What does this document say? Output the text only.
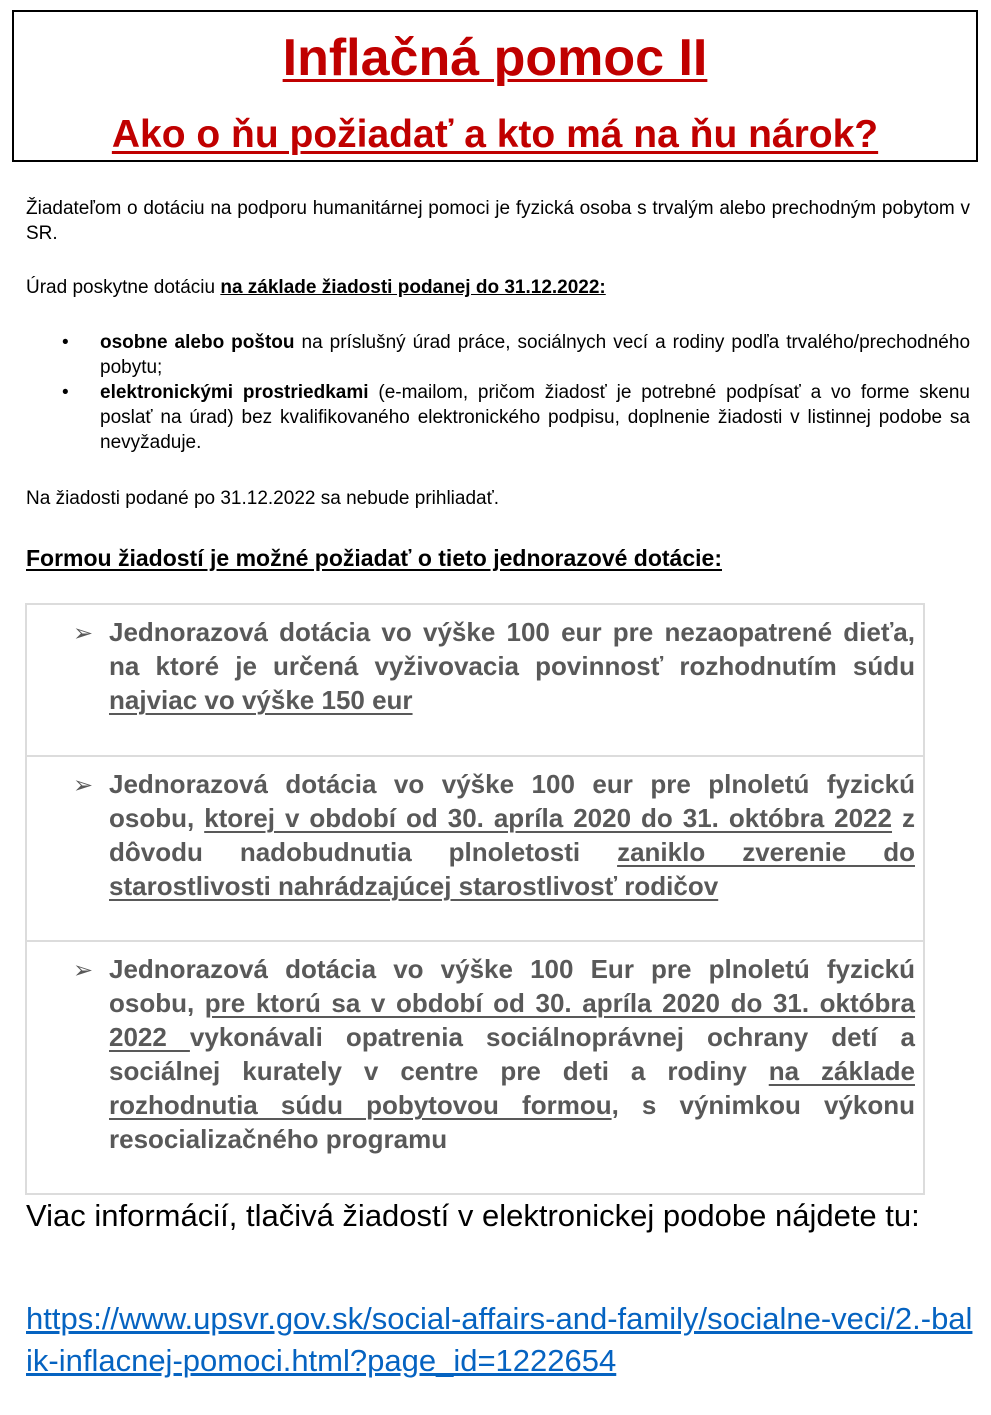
Inflačná pomoc II
Ako o ňu požiadať a kto má na ňu nárok?

Žiadateľom o dotáciu na podporu humanitárnej pomoci je fyzická osoba s trvalým alebo prechodným pobytom v SR.

Úrad poskytne dotáciu na základe žiadosti podanej do 31.12.2022:

• osobne alebo poštou na príslušný úrad práce, sociálnych vecí a rodiny podľa trvalého/prechodného pobytu;
• elektronickými prostriedkami (e-mailom, pričom žiadosť je potrebné podpísať a vo forme skenu poslať na úrad) bez kvalifikovaného elektronického podpisu, doplnenie žiadosti v listinnej podobe sa nevyžaduje.

Na žiadosti podané po 31.12.2022 sa nebude prihliadať.

Formou žiadostí je možné požiadať o tieto jednorazové dotácie:

➢ Jednorazová dotácia vo výške 100 eur pre nezaopatrené dieťa, na ktoré je určená vyživovacia povinnosť rozhodnutím súdu najviac vo výške 150 eur
➢ Jednorazová dotácia vo výške 100 eur pre plnoletú fyzickú osobu, ktorej v období od 30. apríla 2020 do 31. októbra 2022 z dôvodu nadobudnutia plnoletosti zaniklo zverenie do starostlivosti nahrádzajúcej starostlivosť rodičov
➢ Jednorazová dotácia vo výške 100 Eur pre plnoletú fyzickú osobu, pre ktorú sa v období od 30. apríla 2020 do 31. októbra 2022 vykonávali opatrenia sociálnoprávnej ochrany detí a sociálnej kurately v centre pre deti a rodiny na základe rozhodnutia súdu pobytovou formou, s výnimkou výkonu resocializačného programu

Viac informácií, tlačivá žiadostí v elektronickej podobe nájdete tu:

https://www.upsvr.gov.sk/social-affairs-and-family/socialne-veci/2.-balik-inflacnej-pomoci.html?page_id=1222654
